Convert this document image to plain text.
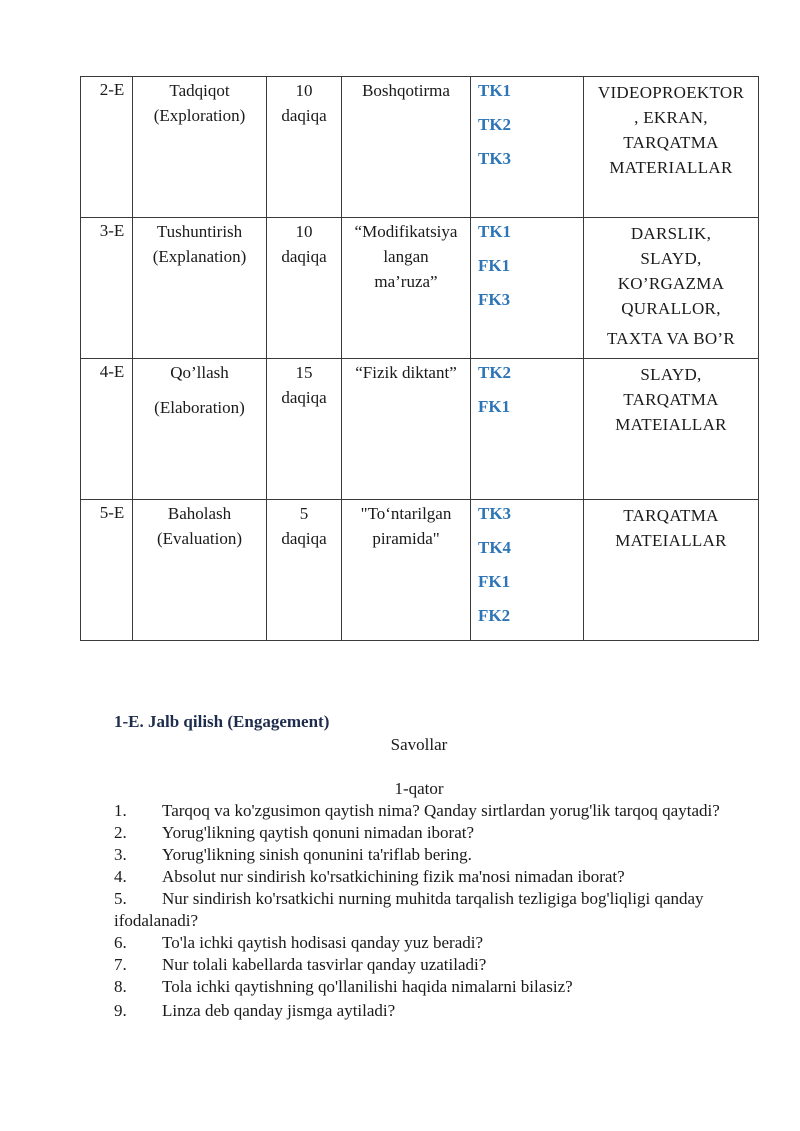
2-E	Tadqiqot
(Exploration)	10
daqiqa	Boshqotirma	TK1
TK2
TK3	VIDEOPROEKTOR
, EKRAN,
TARQATMA
MATERIALLAR

3-E	Tushuntirish
(Explanation)	10
daqiqa	“Modifikatsiya
langan
ma’ruza”	TK1
FK1
FK3	DARSLIK,
SLAYD,
KO’RGAZMA
QURALLOR,
TAXTA VA BO’R

4-E	Qo’llash
(Elaboration)	15
daqiqa	“Fizik diktant”	TK2
FK1	SLAYD,
TARQATMA
MATEIALLAR

5-E	Baholash
(Evaluation)	5
daqiqa	"To‘ntarilgan
piramida"	TK3
TK4
FK1
FK2	TARQATMA
MATEIALLAR
1-E. Jalb qilish (Engagement)
Savollar
1-qator
1.	Tarqoq va ko'zgusimon qaytish nima? Qanday sirtlardan yorug'lik tarqoq qaytadi?
2.	Yorug'likning qaytish qonuni nimadan iborat?
3.	Yorug'likning sinish qonunini ta'riflab bering.
4.	Absolut nur sindirish ko'rsatkichining fizik ma'nosi nimadan iborat?
5.	Nur sindirish ko'rsatkichi nurning muhitda tarqalish tezligiga bog'liqligi qanday ifodalanadi?
6.	To'la ichki qaytish hodisasi qanday yuz beradi?
7.	Nur tolali kabellarda tasvirlar qanday uzatiladi?
8.	Tola ichki qaytishning qo'llanilishi haqida nimalarni bilasiz?
9.	Linza deb qanday jismga aytiladi?
